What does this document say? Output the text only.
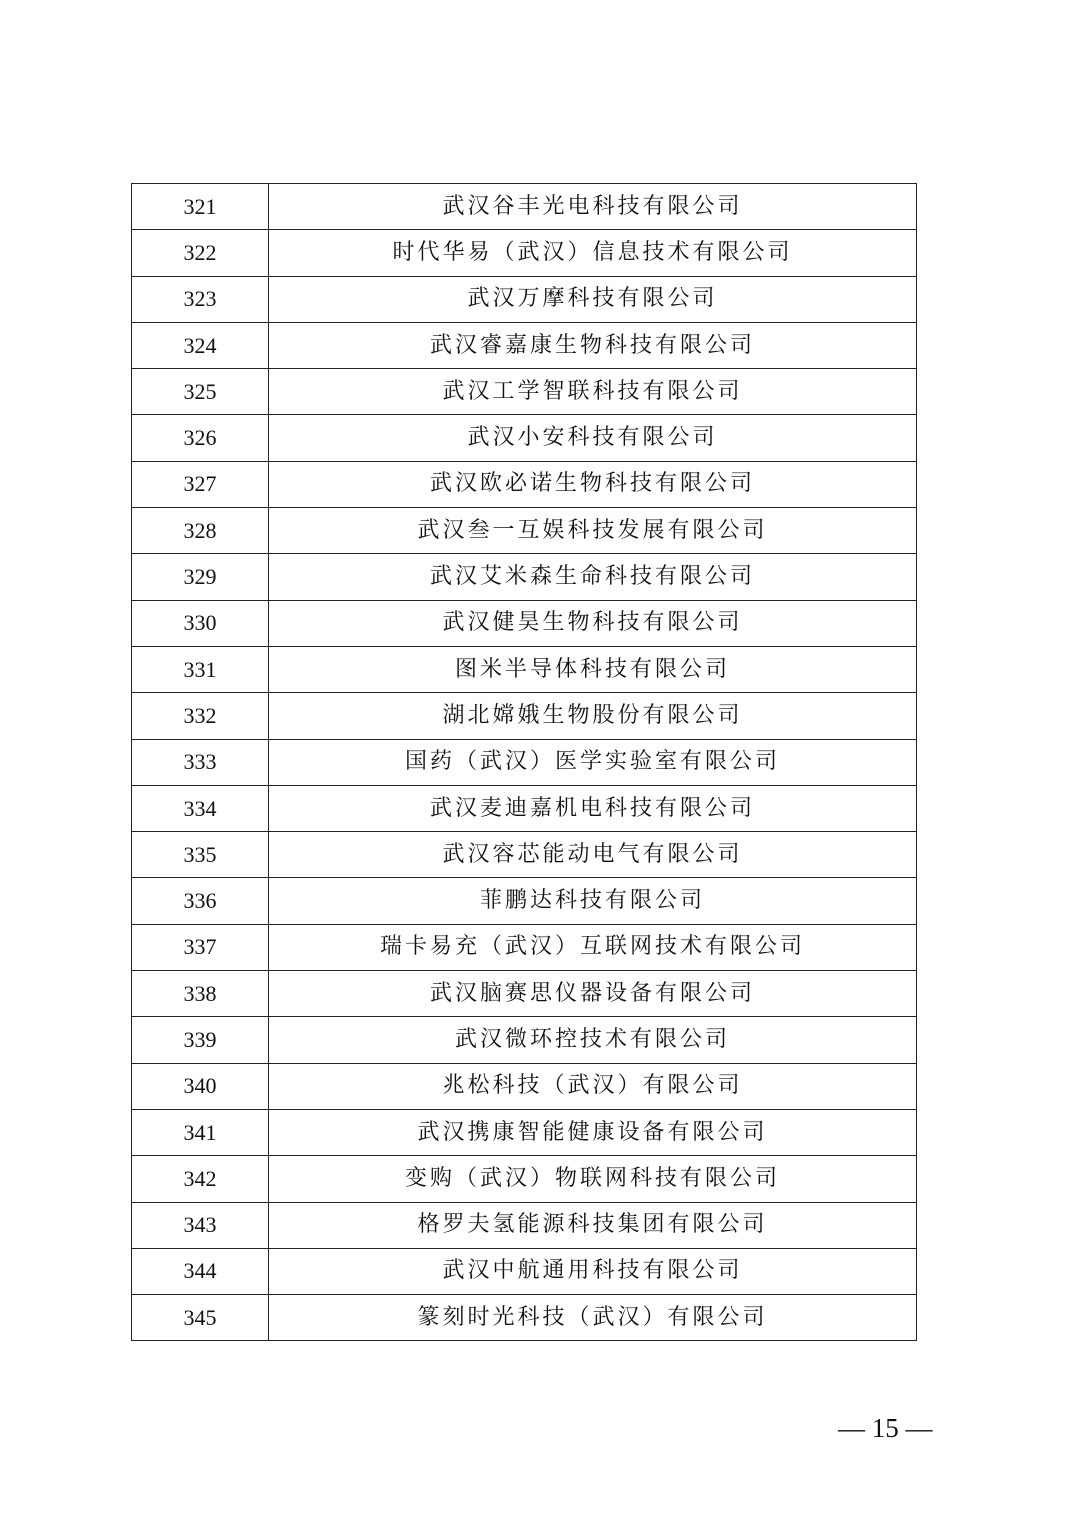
321	武汉谷丰光电科技有限公司
322	时代华易（武汉）信息技术有限公司
323	武汉万摩科技有限公司
324	武汉睿嘉康生物科技有限公司
325	武汉工学智联科技有限公司
326	武汉小安科技有限公司
327	武汉欧必诺生物科技有限公司
328	武汉叁一互娱科技发展有限公司
329	武汉艾米森生命科技有限公司
330	武汉健昊生物科技有限公司
331	图米半导体科技有限公司
332	湖北嫦娥生物股份有限公司
333	国药（武汉）医学实验室有限公司
334	武汉麦迪嘉机电科技有限公司
335	武汉容芯能动电气有限公司
336	菲鹏达科技有限公司
337	瑞卡易充（武汉）互联网技术有限公司
338	武汉脑赛思仪器设备有限公司
339	武汉微环控技术有限公司
340	兆松科技（武汉）有限公司
341	武汉携康智能健康设备有限公司
342	变购（武汉）物联网科技有限公司
343	格罗夫氢能源科技集团有限公司
344	武汉中航通用科技有限公司
345	篆刻时光科技（武汉）有限公司
— 15 —
